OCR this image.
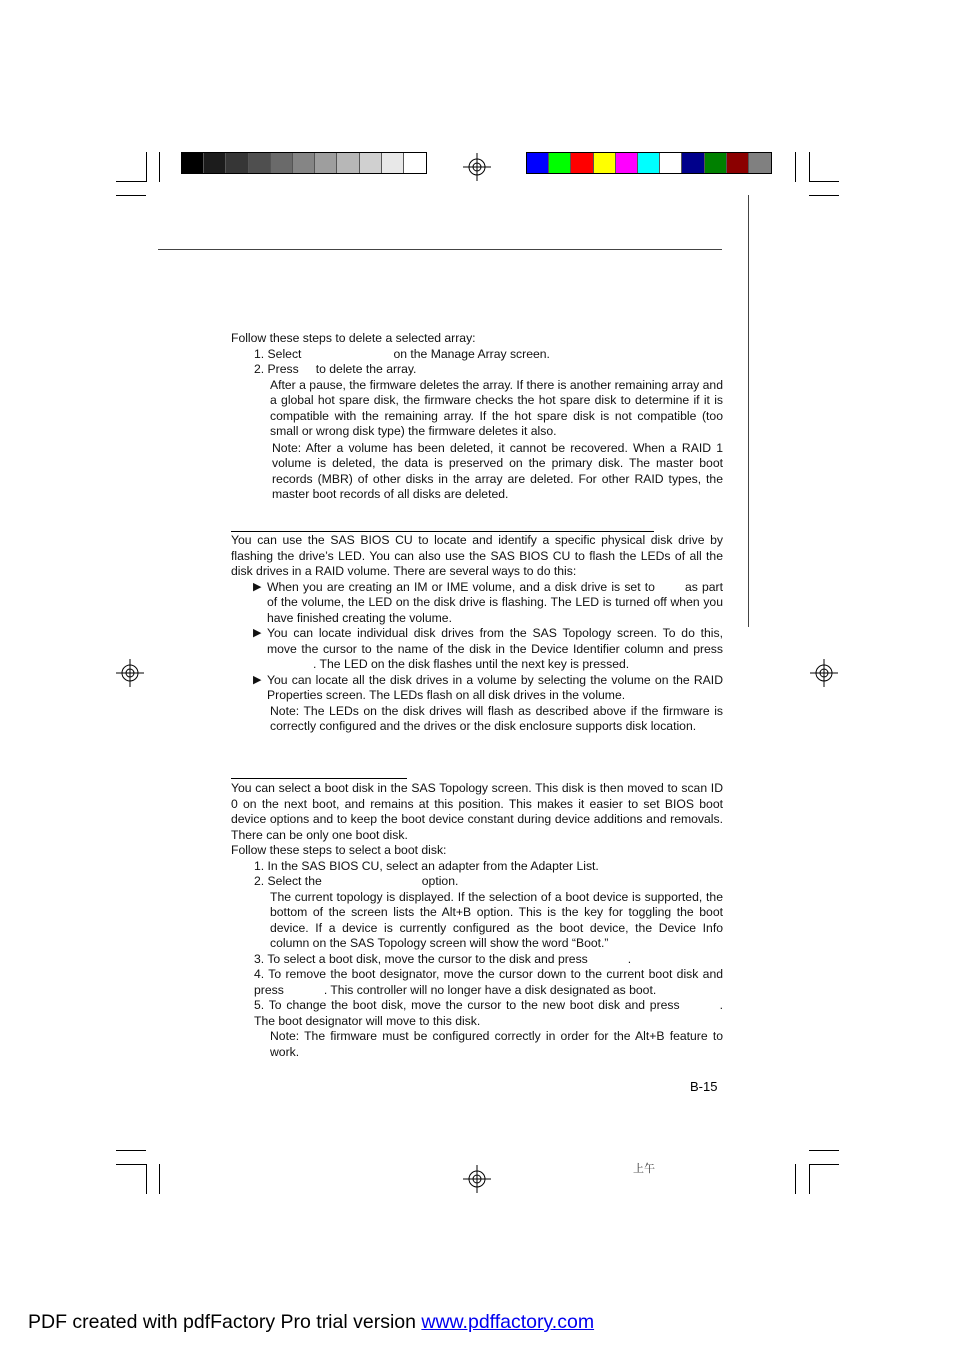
Follow these steps to delete a selected array:

1. Select	on the Manage Array screen.

2. Press to delete the array.

After a pause, the firmware deletes the array. If there is another remaining array and a global hot spare disk, the firmware checks the hot spare disk to determine if it is compatible with the remaining array. If the hot spare disk is not compatible (too small or wrong disk type) the firmware deletes it also.

Note: After a volume has been deleted, it cannot be recovered. When a RAID 1 volume is deleted, the data is preserved on the primary disk. The master boot records (MBR) of other disks in the array are deleted. For other RAID types, the master boot records of all disks are deleted.

You can use the SAS BIOS CU to locate and identify a specific physical disk drive by flashing the drive’s LED. You can also use the SAS BIOS CU to flash the LEDs of all the disk drives in a RAID volume. There are several ways to do this:

▶ When you are creating an IM or IME volume, and a disk drive is set to as part of the volume, the LED on the disk drive is flashing. The LED is turned off when you have finished creating the volume.
▶ You can locate individual disk drives from the SAS Topology screen. To do this, move the cursor to the name of the disk in the Device Identifier column and press. The LED on the disk flashes until the next key is pressed.
▶ You can locate all the disk drives in a volume by selecting the volume on the RAID Properties screen. The LEDs flash on all disk drives in the volume.

Note: The LEDs on the disk drives will flash as described above if the firmware is correctly configured and the drives or the disk enclosure supports disk location.

You can select a boot disk in the SAS Topology screen. This disk is then moved to scan ID 0 on the next boot, and remains at this position. This makes it easier to set BIOS boot device options and to keep the boot device constant during device additions and removals. There can be only one boot disk.

Follow these steps to select a boot disk:

1. In the SAS BIOS CU, select an adapter from the Adapter List.

2. Select the	option.

The current topology is displayed. If the selection of a boot device is supported, the bottom of the screen lists the Alt+B option. This is the key for toggling the boot device. If a device is currently configured as the boot device, the Device Info column on the SAS Topology screen will show the word “Boot.”

3. To select a boot disk, move the cursor to the disk and press	.

4. To remove the boot designator, move the cursor down to the current boot disk and press	. This controller will no longer have a disk designated as boot.

5. To change the boot disk, move the cursor to the new boot disk and press	. The boot designator will move to this disk.

Note: The firmware must be configured correctly in order for the Alt+B feature to work.

B-15
上午
PDF created with pdfFactory Pro trial version www.pdffactory.com
